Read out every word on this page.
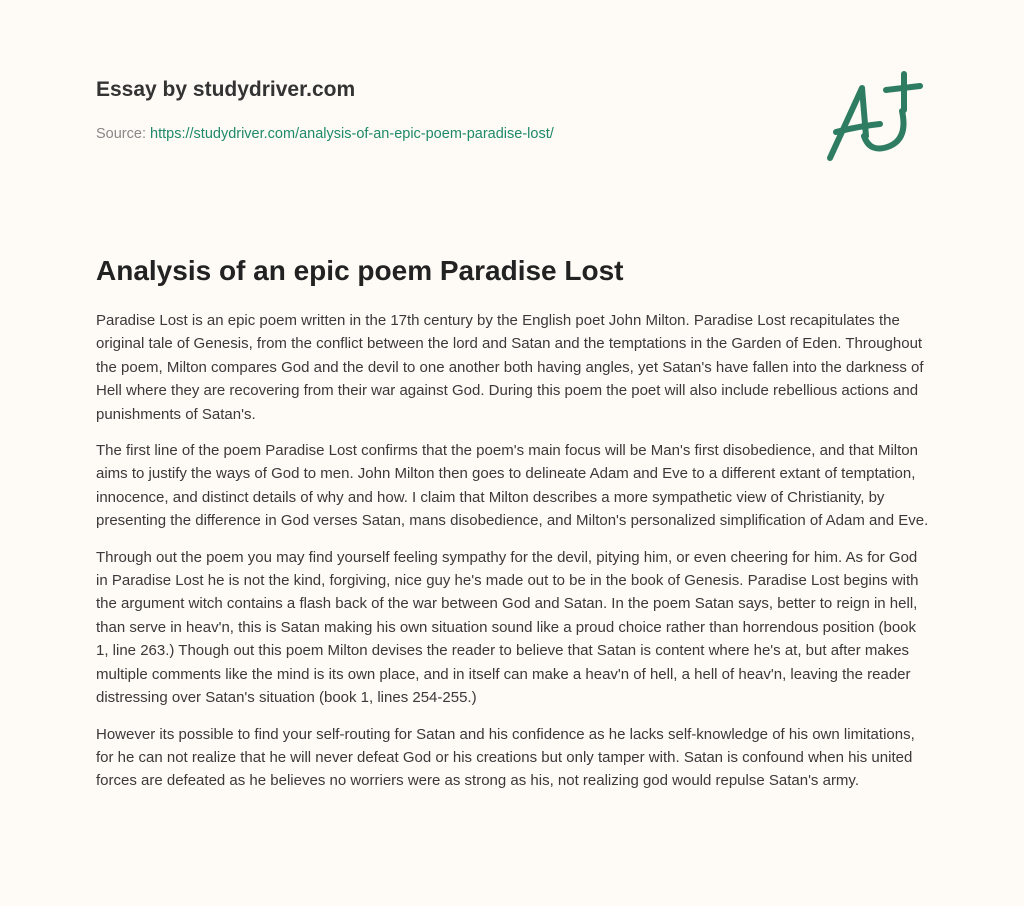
Essay by studydriver.com
Source: https://studydriver.com/analysis-of-an-epic-poem-paradise-lost/
Analysis of an epic poem Paradise Lost

Paradise Lost is an epic poem written in the 17th century by the English poet John Milton. Paradise Lost recapitulates the original tale of Genesis, from the conflict between the lord and Satan and the temptations in the Garden of Eden. Throughout the poem, Milton compares God and the devil to one another both having angles, yet Satan's have fallen into the darkness of Hell where they are recovering from their war against God. During this poem the poet will also include rebellious actions and punishments of Satan's.

The first line of the poem Paradise Lost confirms that the poem's main focus will be Man's first disobedience, and that Milton aims to justify the ways of God to men. John Milton then goes to delineate Adam and Eve to a different extant of temptation, innocence, and distinct details of why and how. I claim that Milton describes a more sympathetic view of Christianity, by presenting the difference in God verses Satan, mans disobedience, and Milton's personalized simplification of Adam and Eve.

Through out the poem you may find yourself feeling sympathy for the devil, pitying him, or even cheering for him. As for God in Paradise Lost he is not the kind, forgiving, nice guy he's made out to be in the book of Genesis. Paradise Lost begins with the argument witch contains a flash back of the war between God and Satan. In the poem Satan says, better to reign in hell, than serve in heav'n, this is Satan making his own situation sound like a proud choice rather than horrendous position (book 1, line 263.) Though out this poem Milton devises the reader to believe that Satan is content where he's at, but after makes multiple comments like the mind is its own place, and in itself can make a heav'n of hell, a hell of heav'n, leaving the reader distressing over Satan's situation (book 1, lines 254-255.)

However its possible to find your self-routing for Satan and his confidence as he lacks self-knowledge of his own limitations, for he can not realize that he will never defeat God or his creations but only tamper with. Satan is confound when his united forces are defeated as he believes no worriers were as strong as his, not realizing god would repulse Satan's army.
